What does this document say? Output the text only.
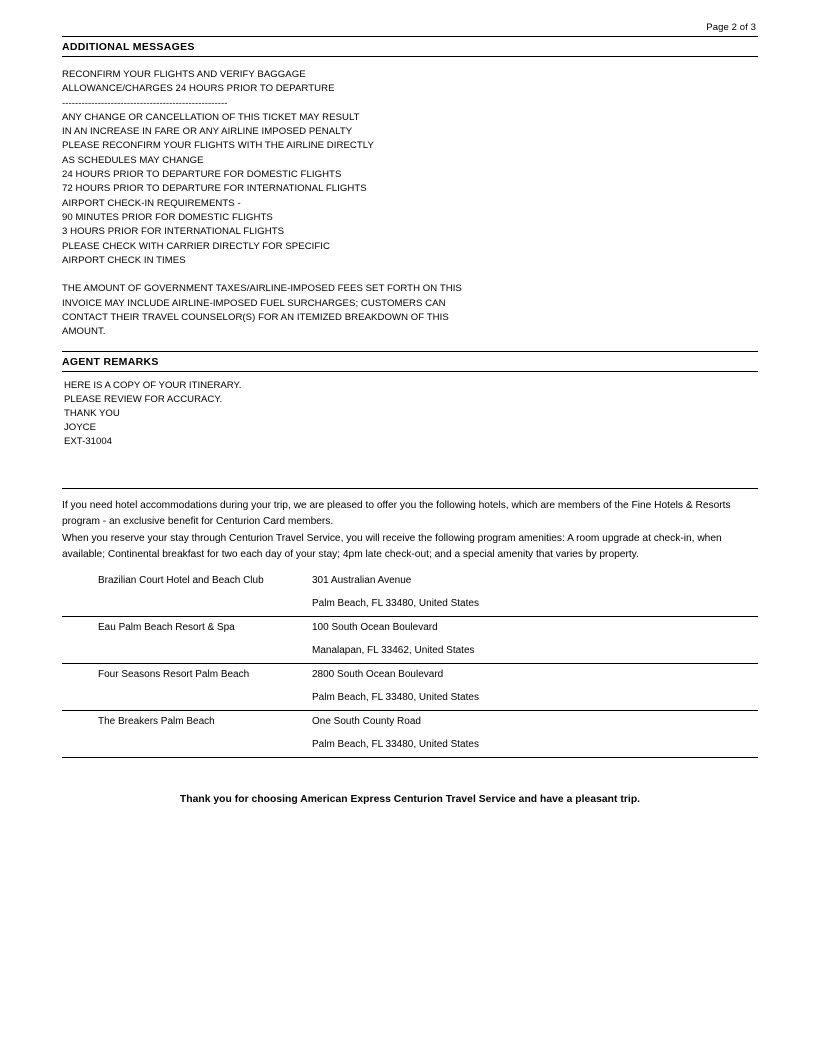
Page 2 of 3
ADDITIONAL MESSAGES
RECONFIRM YOUR FLIGHTS AND VERIFY BAGGAGE
ALLOWANCE/CHARGES 24 HOURS PRIOR TO DEPARTURE
---------------------------------------------------
ANY CHANGE OR CANCELLATION OF THIS TICKET MAY RESULT
IN AN INCREASE IN FARE OR ANY AIRLINE IMPOSED PENALTY
PLEASE RECONFIRM YOUR FLIGHTS WITH THE AIRLINE DIRECTLY
AS SCHEDULES MAY CHANGE
24 HOURS PRIOR TO DEPARTURE FOR DOMESTIC FLIGHTS
72 HOURS PRIOR TO DEPARTURE FOR INTERNATIONAL FLIGHTS
AIRPORT CHECK-IN REQUIREMENTS -
90 MINUTES PRIOR FOR DOMESTIC FLIGHTS
3 HOURS PRIOR FOR INTERNATIONAL FLIGHTS
PLEASE CHECK WITH CARRIER DIRECTLY FOR SPECIFIC
AIRPORT CHECK IN TIMES
THE AMOUNT OF GOVERNMENT TAXES/AIRLINE-IMPOSED FEES SET FORTH ON THIS
INVOICE MAY INCLUDE AIRLINE-IMPOSED FUEL SURCHARGES; CUSTOMERS CAN
CONTACT THEIR TRAVEL COUNSELOR(S) FOR AN ITEMIZED BREAKDOWN OF THIS
AMOUNT.
AGENT REMARKS
HERE IS A COPY OF YOUR ITINERARY.
PLEASE REVIEW FOR ACCURACY.
THANK YOU
JOYCE
EXT-31004

If you need hotel accommodations during your trip, we are pleased to offer you the following hotels, which are members of the Fine Hotels & Resorts program - an exclusive benefit for Centurion Card members.

When you reserve your stay through Centurion Travel Service, you will receive the following program amenities: A room upgrade at check-in, when available; Continental breakfast for two each day of your stay; 4pm late check-out; and a special amenity that varies by property.

Brazilian Court Hotel and Beach Club	301 Australian Avenue
	Palm Beach, FL 33480, United States
Eau Palm Beach Resort & Spa	100 South Ocean Boulevard
	Manalapan, FL 33462, United States
Four Seasons Resort Palm Beach	2800 South Ocean Boulevard
	Palm Beach, FL 33480, United States
The Breakers Palm Beach	One South County Road
	Palm Beach, FL 33480, United States
Thank you for choosing American Express Centurion Travel Service and have a pleasant trip.
